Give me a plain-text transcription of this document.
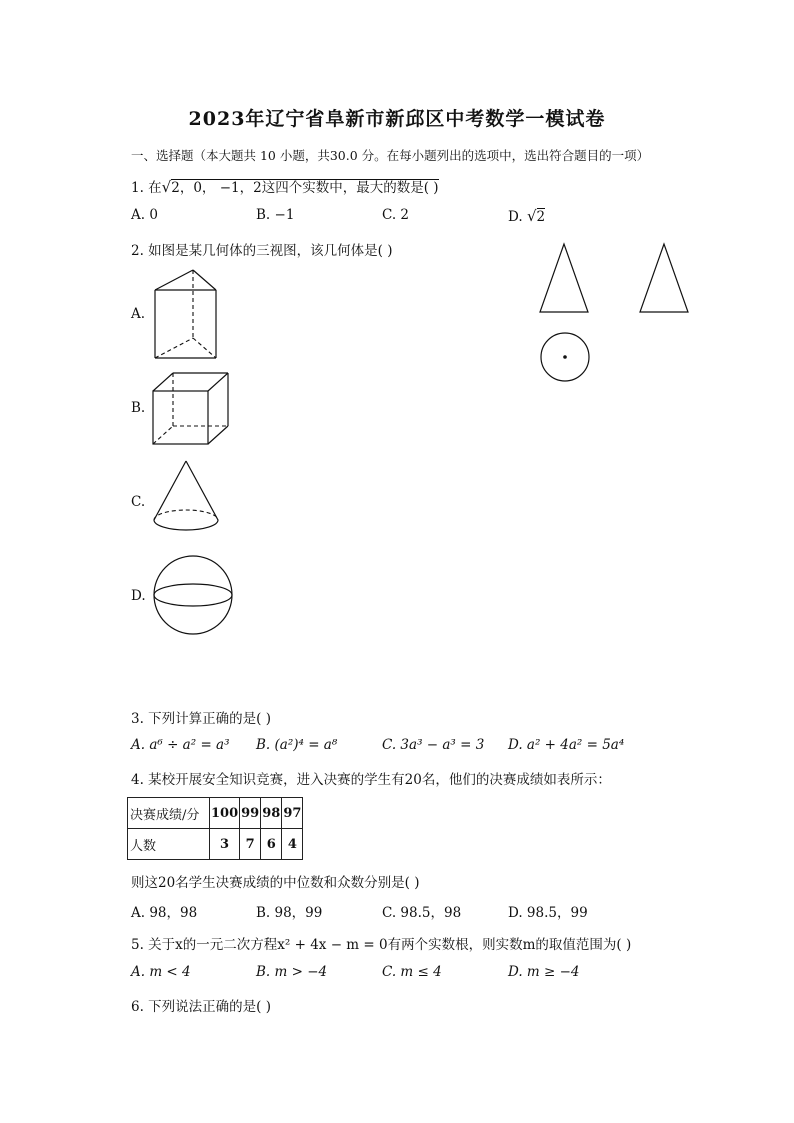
2023年辽宁省阜新市新邱区中考数学一模试卷
一、选择题（本大题共 10 小题，共30.0 分。在每小题列出的选项中，选出符合题目的一项）
1. 在√2，0， −1，2这四个实数中，最大的数是( )
A. 0	B. −1	C. 2	D. √2
2. 如图是某几何体的三视图，该几何体是( )
A.
B.
C.
D.
3. 下列计算正确的是( )
A. a⁶ ÷ a² = a³ B. (a²)⁴ = a⁸	C. 3a³ − a³ = 3 D. a² + 4a² = 5a⁴
4. 某校开展安全知识竞赛，进入决赛的学生有20名，他们的决赛成绩如表所示：
决赛成绩/分	100	99	98	97
人数	3	7	6	4
则这20名学生决赛成绩的中位数和众数分别是( )
A. 98，98	B. 98，99	C. 98.5，98	D. 98.5，99
5. 关于x的一元二次方程x² + 4x − m = 0有两个实数根，则实数m的取值范围为( )
A. m < 4	B. m > −4	C. m ≤ 4	D. m ≥ −4
6. 下列说法正确的是( )
